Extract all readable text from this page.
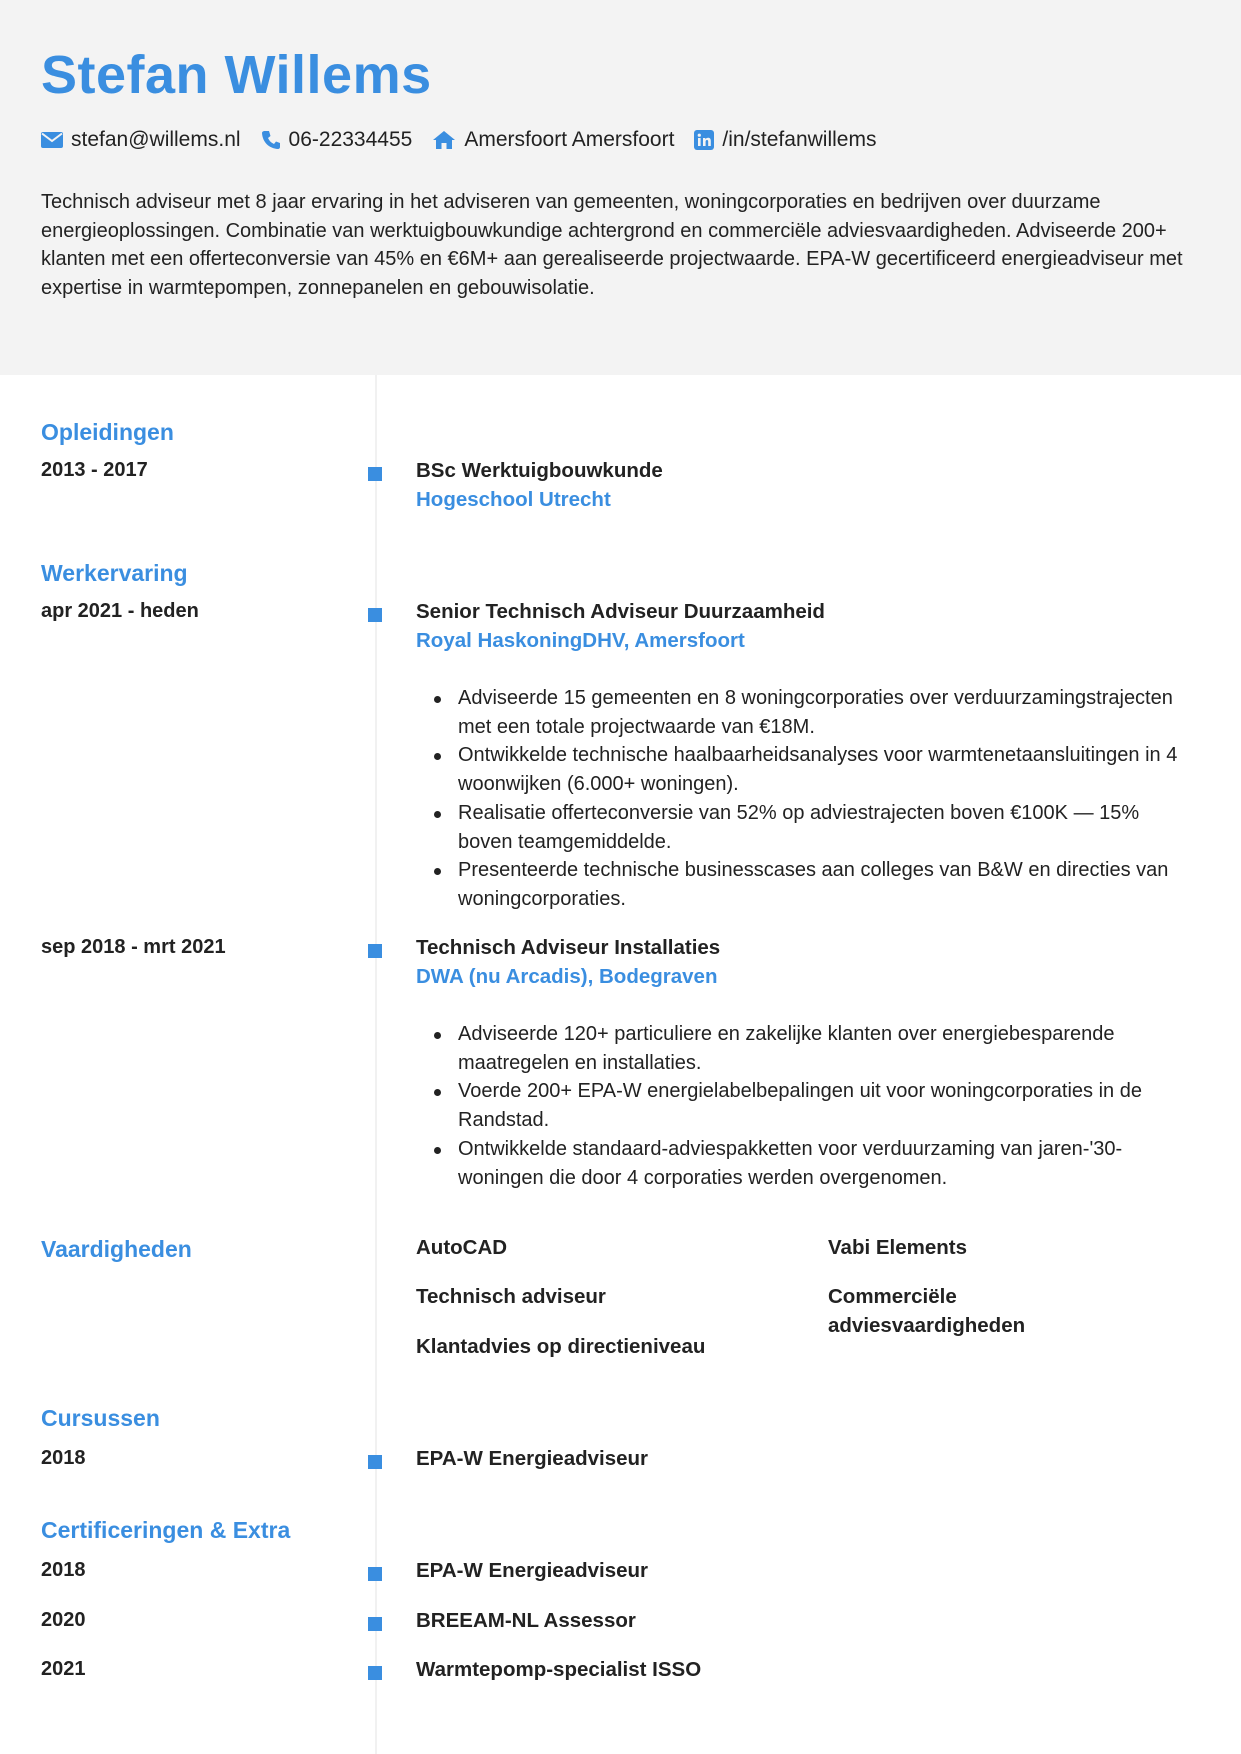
Stefan Willems
stefan@willems.nl 06-22334455 Amersfoort Amersfoort /in/stefanwillems
Technisch adviseur met 8 jaar ervaring in het adviseren van gemeenten, woningcorporaties en bedrijven over duurzame energieoplossingen. Combinatie van werktuigbouwkundige achtergrond en commerciële adviesvaardigheden. Adviseerde 200+ klanten met een offerteconversie van 45% en €6M+ aan gerealiseerde projectwaarde. EPA-W gecertificeerd energieadviseur met expertise in warmtepompen, zonnepanelen en gebouwisolatie.
Opleidingen
2013 - 2017	BSc Werktuigbouwkunde
Hogeschool Utrecht
Werkervaring
apr 2021 - heden	Senior Technisch Adviseur Duurzaamheid
Royal HaskoningDHV, Amersfoort
Adviseerde 15 gemeenten en 8 woningcorporaties over verduurzamingstrajecten met een totale projectwaarde van €18M.
Ontwikkelde technische haalbaarheidsanalyses voor warmtenetaansluitingen in 4 woonwijken (6.000+ woningen).
Realisatie offerteconversie van 52% op adviestrajecten boven €100K — 15% boven teamgemiddelde.
Presenteerde technische businesscases aan colleges van B&W en directies van woningcorporaties.
sep 2018 - mrt 2021	Technisch Adviseur Installaties
DWA (nu Arcadis), Bodegraven
Adviseerde 120+ particuliere en zakelijke klanten over energiebesparende maatregelen en installaties.
Voerde 200+ EPA-W energielabelbepalingen uit voor woningcorporaties in de Randstad.
Ontwikkelde standaard-adviespakketten voor verduurzaming van jaren-'30-woningen die door 4 corporaties werden overgenomen.
Vaardigheden	AutoCAD	Vabi Elements
Technisch adviseur	Commerciële adviesvaardigheden
Klantadvies op directieniveau
Cursussen
2018	EPA-W Energieadviseur
Certificeringen & Extra
2018	EPA-W Energieadviseur
2020	BREEAM-NL Assessor
2021	Warmtepomp-specialist ISSO
